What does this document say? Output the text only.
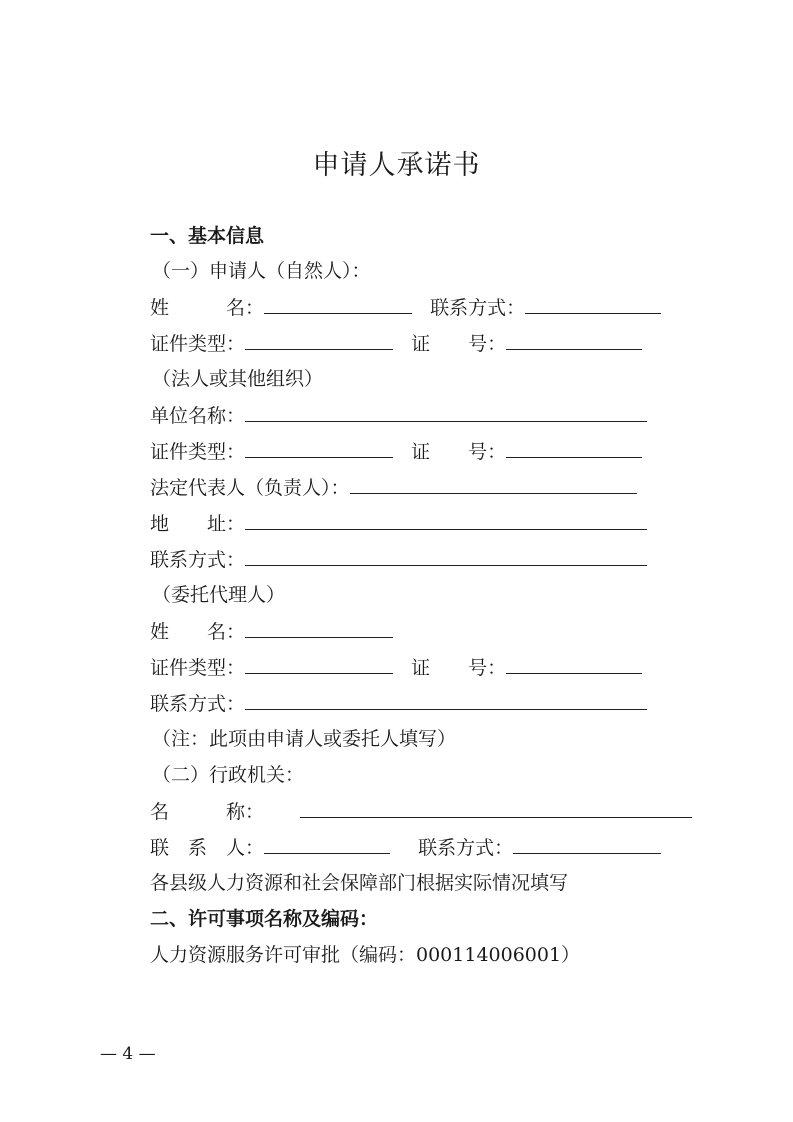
申请人承诺书
一、基本信息
（一）申请人（自然人）：
姓　　　名：	联系方式：
证件类型：	证　　号：
（法人或其他组织）
单位名称：
证件类型：	证　　号：
法定代表人（负责人）：
地　　址：
联系方式：
（委托代理人）
姓　　名：
证件类型：	证　　号：
联系方式：
（注：此项由申请人或委托人填写）
（二）行政机关：
名　　　称：
联　系　人：	联系方式：
各县级人力资源和社会保障部门根据实际情况填写
二、许可事项名称及编码：
人力资源服务许可审批（编码：000114006001）
— 4 —
